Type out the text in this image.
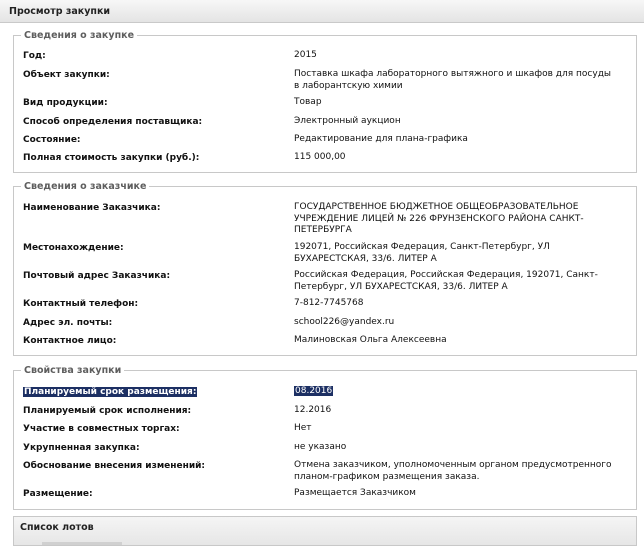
Просмотр закупки
Сведения о закупке
Год:	2015
Объект закупки:	Поставка шкафа лабораторного вытяжного и шкафов для посуды в лаборантскую химии
Вид продукции:	Товар
Способ определения поставщика:	Электронный аукцион
Состояние:	Редактирование для плана-графика
Полная стоимость закупки (руб.):	115 000,00
Сведения о заказчике
Наименование Заказчика:	ГОСУДАРСТВЕННОЕ БЮДЖЕТНОЕ ОБЩЕОБРАЗОВАТЕЛЬНОЕ УЧРЕЖДЕНИЕ ЛИЦЕЙ № 226 ФРУНЗЕНСКОГО РАЙОНА САНКТ-ПЕТЕРБУРГА
Местонахождение:	192071, Российская Федерация, Санкт-Петербург, УЛ БУХАРЕСТСКАЯ, 33/6. ЛИТЕР А
Почтовый адрес Заказчика:	Российская Федерация, Российская Федерация, 192071, Санкт-Петербург, УЛ БУХАРЕСТСКАЯ, 33/6. ЛИТЕР А
Контактный телефон:	7-812-7745768
Адрес эл. почты:	school226@yandex.ru
Контактное лицо:	Малиновская Ольга Алексеевна
Свойства закупки
Планируемый срок размещения:	08.2016
Планируемый срок исполнения:	12.2016
Участие в совместных торгах:	Нет
Укрупненная закупка:	не указано
Обоснование внесения изменений:	Отмена заказчиком, уполномоченным органом предусмотренного планом-графиком размещения заказа.
Размещение:	Размещается Заказчиком
Список лотов
